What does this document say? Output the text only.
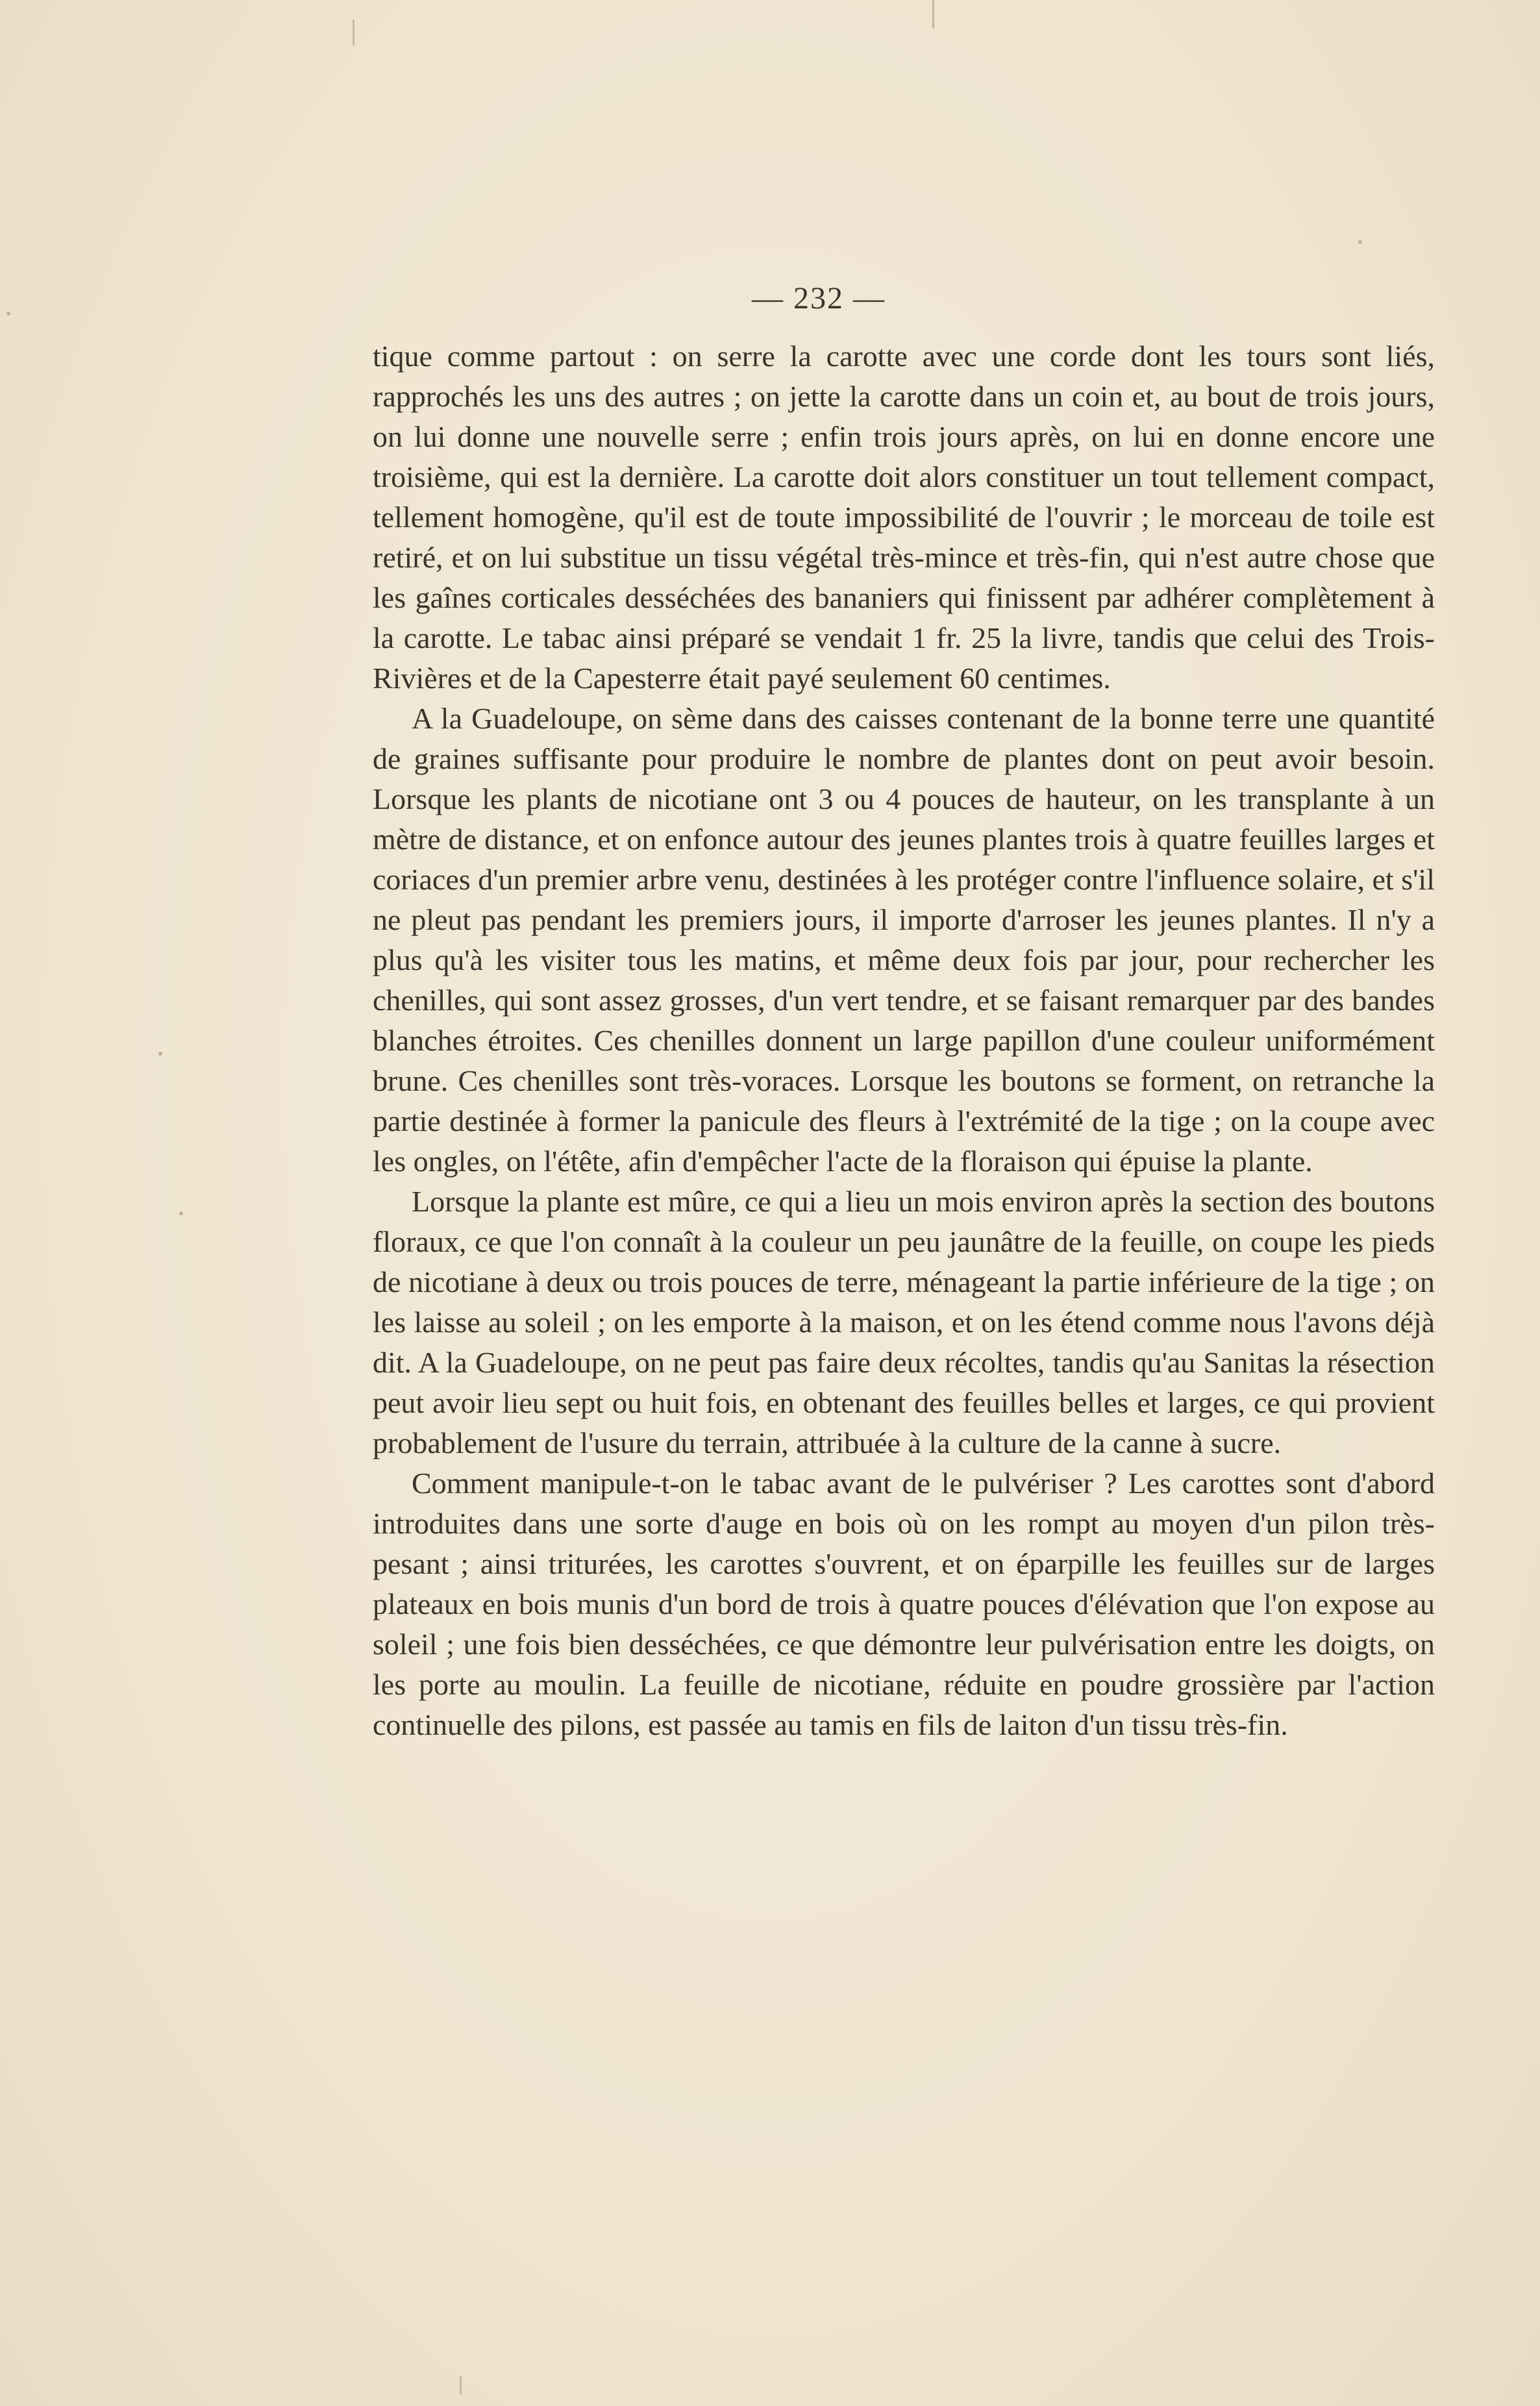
— 232 —

tique comme partout : on serre la carotte avec une corde dont les tours sont liés, rapprochés les uns des autres ; on jette la carotte dans un coin et, au bout de trois jours, on lui donne une nouvelle serre ; enfin trois jours après, on lui en donne encore une troisième, qui est la dernière. La carotte doit alors constituer un tout tellement compact, tellement homogène, qu'il est de toute impossibilité de l'ouvrir ; le morceau de toile est retiré, et on lui substitue un tissu végétal très-mince et très-fin, qui n'est autre chose que les gaînes corticales desséchées des bananiers qui finissent par adhérer complètement à la carotte. Le tabac ainsi préparé se vendait 1 fr. 25 la livre, tandis que celui des Trois-Rivières et de la Capesterre était payé seulement 60 centimes.

A la Guadeloupe, on sème dans des caisses contenant de la bonne terre une quantité de graines suffisante pour produire le nombre de plantes dont on peut avoir besoin. Lorsque les plants de nicotiane ont 3 ou 4 pouces de hauteur, on les transplante à un mètre de distance, et on enfonce autour des jeunes plantes trois à quatre feuilles larges et coriaces d'un premier arbre venu, destinées à les protéger contre l'influence solaire, et s'il ne pleut pas pendant les premiers jours, il importe d'arroser les jeunes plantes. Il n'y a plus qu'à les visiter tous les matins, et même deux fois par jour, pour rechercher les chenilles, qui sont assez grosses, d'un vert tendre, et se faisant remarquer par des bandes blanches étroites. Ces chenilles donnent un large papillon d'une couleur uniformément brune. Ces chenilles sont très-voraces. Lorsque les boutons se forment, on retranche la partie destinée à former la panicule des fleurs à l'extrémité de la tige ; on la coupe avec les ongles, on l'étête, afin d'empêcher l'acte de la floraison qui épuise la plante.

Lorsque la plante est mûre, ce qui a lieu un mois environ après la section des boutons floraux, ce que l'on connaît à la couleur un peu jaunâtre de la feuille, on coupe les pieds de nicotiane à deux ou trois pouces de terre, ménageant la partie inférieure de la tige ; on les laisse au soleil ; on les emporte à la maison, et on les étend comme nous l'avons déjà dit. A la Guadeloupe, on ne peut pas faire deux récoltes, tandis qu'au Sanitas la résection peut avoir lieu sept ou huit fois, en obtenant des feuilles belles et larges, ce qui provient probablement de l'usure du terrain, attribuée à la culture de la canne à sucre.

Comment manipule-t-on le tabac avant de le pulvériser ? Les carottes sont d'abord introduites dans une sorte d'auge en bois où on les rompt au moyen d'un pilon très-pesant ; ainsi triturées, les carottes s'ouvrent, et on éparpille les feuilles sur de larges plateaux en bois munis d'un bord de trois à quatre pouces d'élévation que l'on expose au soleil ; une fois bien desséchées, ce que démontre leur pulvérisation entre les doigts, on les porte au moulin. La feuille de nicotiane, réduite en poudre grossière par l'action continuelle des pilons, est passée au tamis en fils de laiton d'un tissu très-fin.
